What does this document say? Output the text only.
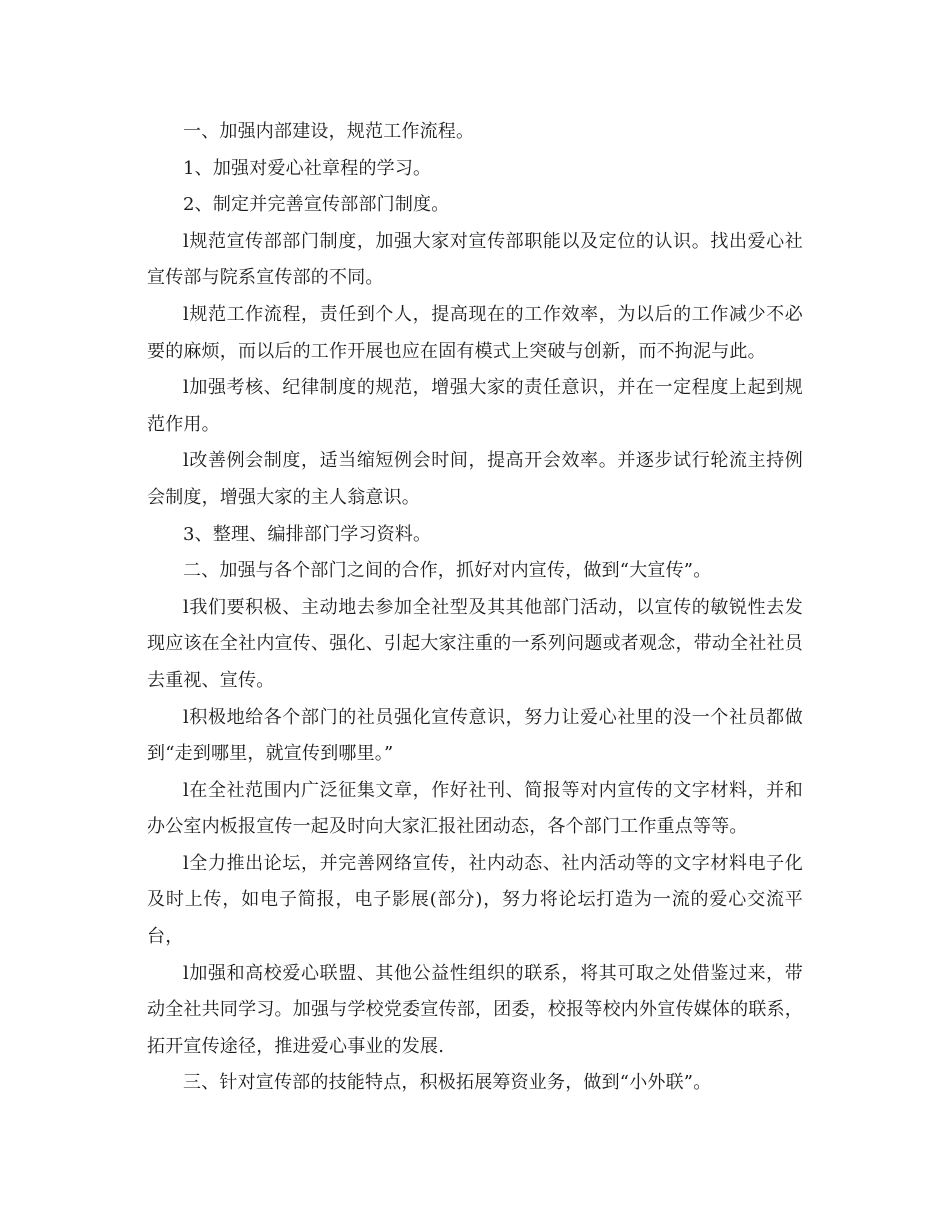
一、加强内部建设，规范工作流程。

1、加强对爱心社章程的学习。

2、制定并完善宣传部部门制度。

l规范宣传部部门制度，加强大家对宣传部职能以及定位的认识。找出爱心社宣传部与院系宣传部的不同。

l规范工作流程，责任到个人，提高现在的工作效率，为以后的工作减少不必要的麻烦，而以后的工作开展也应在固有模式上突破与创新，而不拘泥与此。

l加强考核、纪律制度的规范，增强大家的责任意识，并在一定程度上起到规范作用。

l改善例会制度，适当缩短例会时间，提高开会效率。并逐步试行轮流主持例会制度，增强大家的主人翁意识。

3、整理、编排部门学习资料。

二、加强与各个部门之间的合作，抓好对内宣传，做到“大宣传”。

l我们要积极、主动地去参加全社型及其其他部门活动，以宣传的敏锐性去发现应该在全社内宣传、强化、引起大家注重的一系列问题或者观念，带动全社社员去重视、宣传。

l积极地给各个部门的社员强化宣传意识，努力让爱心社里的没一个社员都做到“走到哪里，就宣传到哪里。”

l在全社范围内广泛征集文章，作好社刊、简报等对内宣传的文字材料，并和办公室内板报宣传一起及时向大家汇报社团动态，各个部门工作重点等等。

l全力推出论坛，并完善网络宣传，社内动态、社内活动等的文字材料电子化及时上传，如电子简报，电子影展(部分)，努力将论坛打造为一流的爱心交流平台，

l加强和高校爱心联盟、其他公益性组织的联系，将其可取之处借鉴过来，带动全社共同学习。加强与学校党委宣传部，团委，校报等校内外宣传媒体的联系，拓开宣传途径，推进爱心事业的发展.

三、针对宣传部的技能特点，积极拓展筹资业务，做到“小外联”。
